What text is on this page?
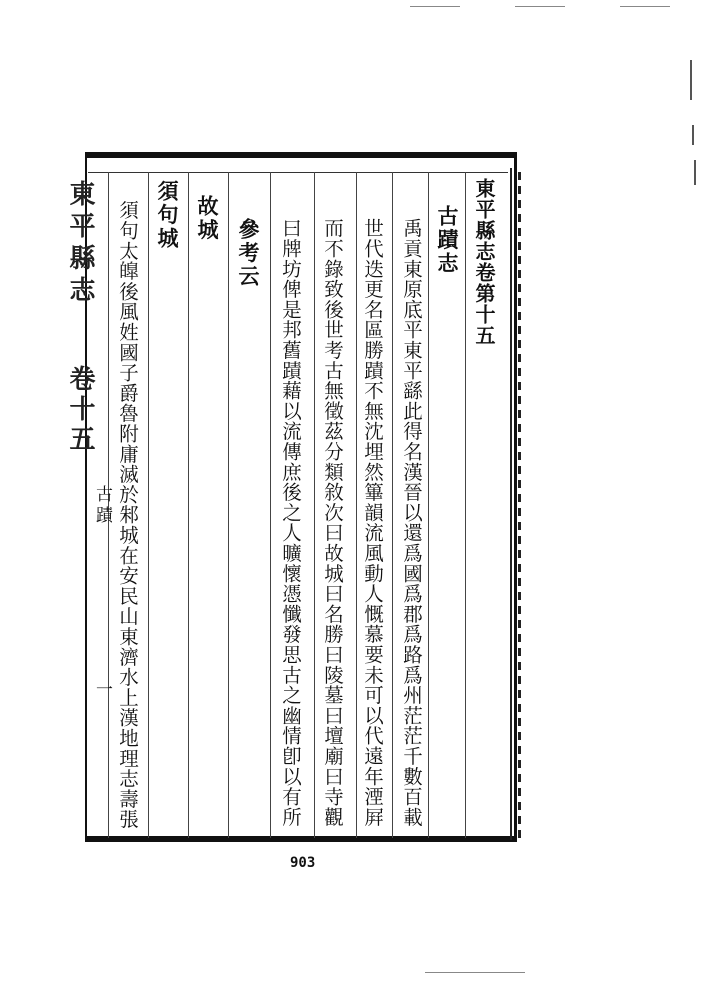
東平縣志卷第十五
古蹟志
禹貢東原底平東平繇此得名漢晉以還爲國爲郡爲路爲州茫茫千數百載
世代迭更名區勝蹟不無沈埋然篳韻流風動人慨慕要未可以代遠年湮屛
而不錄致後世考古無徵茲分類敘次曰故城曰名勝曰陵墓曰壇廟曰寺觀
曰牌坊俾是邦舊蹟藉以流傳庶後之人曠懷憑懺發思古之幽情卽以有所
參考云
故城
須句城
須句太皥後風姓國子爵魯附庸滅於邾城在安民山東濟水上漢地理志壽張
東平縣志
卷十五
古蹟
一
903
